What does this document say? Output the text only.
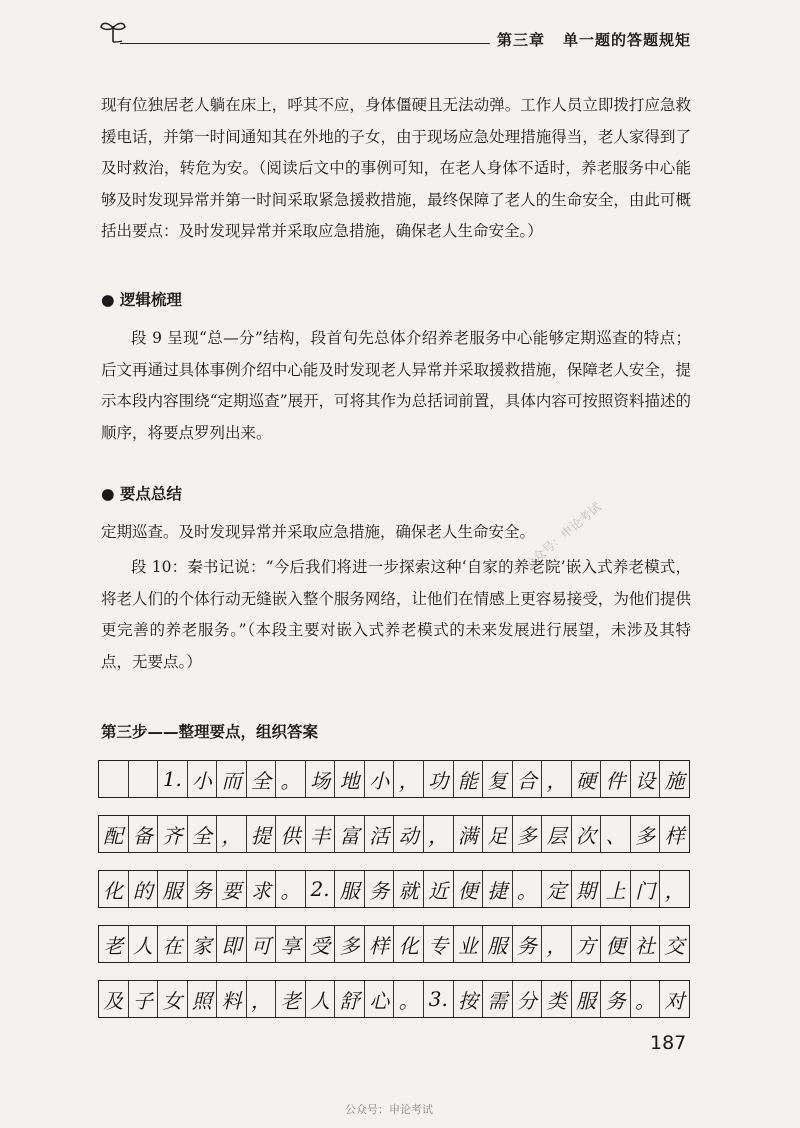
第三章 单一题的答题规矩
现有位独居老人躺在床上，呼其不应，身体僵硬且无法动弹。工作人员立即拨打应急救援电话，并第一时间通知其在外地的子女，由于现场应急处理措施得当，老人家得到了及时救治，转危为安。（阅读后文中的事例可知，在老人身体不适时，养老服务中心能够及时发现异常并第一时间采取紧急援救措施，最终保障了老人的生命安全，由此可概括出要点：及时发现异常并采取应急措施，确保老人生命安全。）
● 逻辑梳理
段 9 呈现“总—分”结构，段首句先总体介绍养老服务中心能够定期巡查的特点；后文再通过具体事例介绍中心能及时发现老人异常并采取援救措施，保障老人安全，提示本段内容围绕“定期巡查”展开，可将其作为总括词前置，具体内容可按照资料描述的顺序，将要点罗列出来。
● 要点总结
定期巡查。及时发现异常并采取应急措施，确保老人生命安全。
段 10：秦书记说：“今后我们将进一步探索这种‘自家的养老院’嵌入式养老模式，将老人们的个体行动无缝嵌入整个服务网络，让他们在情感上更容易接受，为他们提供更完善的养老服务。”（本段主要对嵌入式养老模式的未来发展进行展望，未涉及其特点，无要点。）
第三步——整理要点，组织答案
1. 小 而 全 。 场 地 小 ， 功 能 复 合 ， 硬 件 设 施
配 备 齐 全 ， 提 供 丰 富 活 动 ， 满 足 多 层 次 、 多 样
化 的 服 务 要 求 。 2. 服 务 就 近 便 捷 。 定 期 上 门 ，
老 人 在 家 即 可 享 受 多 样 化 专 业 服 务 ， 方 便 社 交
及 子 女 照 料 ， 老 人 舒 心 。 3. 按 需 分 类 服 务 。 对
公众号：申论考试
187
公众号：申论考试
